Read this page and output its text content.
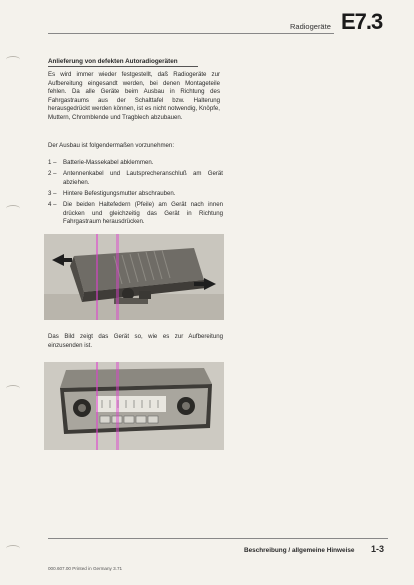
Radiogeräte E7.3
Anlieferung von defekten Autoradiogeräten

Es wird immer wieder festgestellt, daß Radiogeräte zur Aufbereitung eingesandt werden, bei denen Montageteile fehlen. Da alle Geräte beim Ausbau in Richtung des Fahrgastraums aus der Schalttafel bzw. Halterung herausgedrückt werden können, ist es nicht notwendig, Knöpfe, Muttern, Chromblende und Tragblech abzubauen.

Der Ausbau ist folgendermaßen vorzunehmen:

1 –	Batterie-Massekabel abklemmen.
2 –	Antennenkabel und Lautsprecheranschluß am Gerät abziehen.
3 –	Hintere Befestigungsmutter abschrauben.
4 –	Die beiden Haltefedern (Pfeile) am Gerät nach innen drücken und gleichzeitig das Gerät in Richtung Fahrgastraum herausdrücken.

Das Bild zeigt das Gerät so, wie es zur Aufbereitung einzusenden ist.

Beschreibung / allgemeine Hinweise 1-3
000.607.00 Printed in Germany 3.71
